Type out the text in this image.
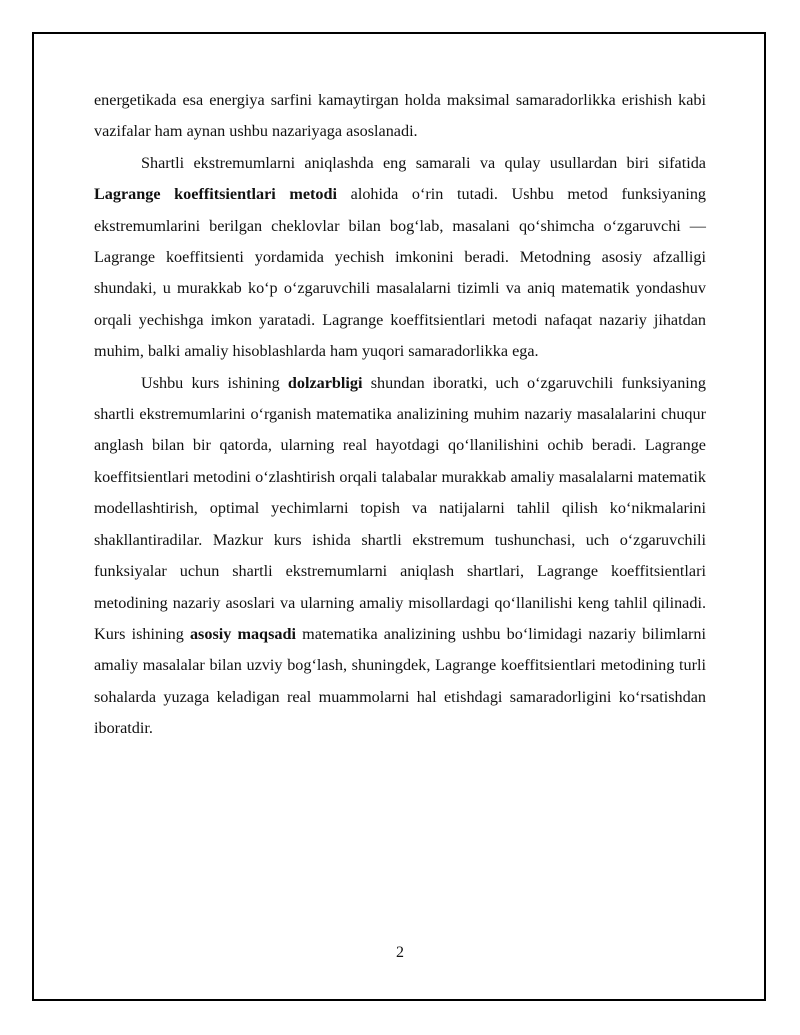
energetikada esa energiya sarfini kamaytirgan holda maksimal samaradorlikka erishish kabi vazifalar ham aynan ushbu nazariyaga asoslanadi.

Shartli ekstremumlarni aniqlashda eng samarali va qulay usullardan biri sifatida Lagrange koeffitsientlari metodi alohida o‘rin tutadi. Ushbu metod funksiyaning ekstremumlarini berilgan cheklovlar bilan bog‘lab, masalani qo‘shimcha o‘zgaruvchi — Lagrange koeffitsienti yordamida yechish imkonini beradi. Metodning asosiy afzalligi shundaki, u murakkab ko‘p o‘zgaruvchili masalalarni tizimli va aniq matematik yondashuv orqali yechishga imkon yaratadi. Lagrange koeffitsientlari metodi nafaqat nazariy jihatdan muhim, balki amaliy hisoblashlarda ham yuqori samaradorlikka ega.

Ushbu kurs ishining dolzarbligi shundan iboratki, uch o‘zgaruvchili funksiyaning shartli ekstremumlarini o‘rganish matematika analizining muhim nazariy masalalarini chuqur anglash bilan bir qatorda, ularning real hayotdagi qo‘llanilishini ochib beradi. Lagrange koeffitsientlari metodini o‘zlashtirish orqali talabalar murakkab amaliy masalalarni matematik modellashtirish, optimal yechimlarni topish va natijalarni tahlil qilish ko‘nikmalarini shakllantiradilar. Mazkur kurs ishida shartli ekstremum tushunchasi, uch o‘zgaruvchili funksiyalar uchun shartli ekstremumlarni aniqlash shartlari, Lagrange koeffitsientlari metodining nazariy asoslari va ularning amaliy misollardagi qo‘llanilishi keng tahlil qilinadi. Kurs ishining asosiy maqsadi matematika analizining ushbu bo‘limidagi nazariy bilimlarni amaliy masalalar bilan uzviy bog‘lash, shuningdek, Lagrange koeffitsientlari metodining turli sohalarda yuzaga keladigan real muammolarni hal etishdagi samaradorligini ko‘rsatishdan iboratdir.

2
